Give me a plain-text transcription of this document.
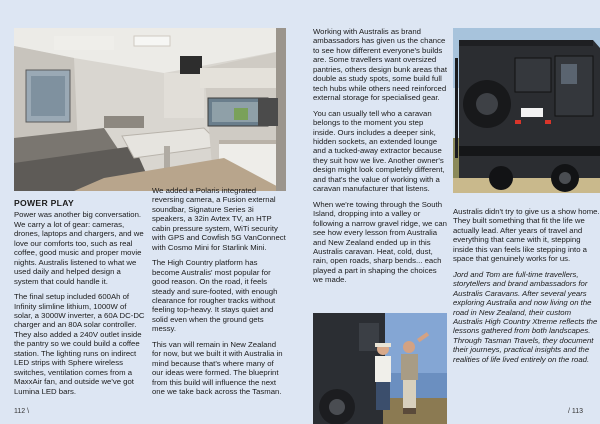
POWER PLAY

Power was another big conversation. We carry a lot of gear: cameras, drones, laptops and chargers, and we love our comforts too, such as real coffee, good music and proper movie nights. Australis listened to what we used daily and helped design a system that could handle it.

The final setup included 600Ah of Infinity slimline lithium, 1000W of solar, a 3000W inverter, a 60A DC-DC charger and an 80A solar controller. They also added a 240V outlet inside the pantry so we could build a coffee station. The lighting runs on indirect LED strips with Sphere wireless switches, ventilation comes from a MaxxAir fan, and outside we've got Lumina LED bars.

We added a Polaris integrated reversing camera, a Fusion external soundbar, Signature Series 3i speakers, a 32in Avtex TV, an HTP cabin pressure system, WiTi security with GPS and Cowfish 5G VanConnect with Cosmo Mini for Starlink Mini.

The High Country platform has become Australis' most popular for good reason. On the road, it feels steady and sure-footed, with enough clearance for rougher tracks without feeling top-heavy. It stays quiet and solid even when the ground gets messy.

This van will remain in New Zealand for now, but we built it with Australia in mind because that's where many of our ideas were formed. The blueprint from this build will influence the next one we take back across the Tasman.

112 \

Working with Australis as brand ambassadors has given us the chance to see how different everyone's builds are. Some travellers want oversized pantries, others design bunk areas that double as study spots, some build full tech hubs while others need reinforced external storage for specialised gear.

You can usually tell who a caravan belongs to the moment you step inside. Ours includes a deeper sink, hidden sockets, an extended lounge and a tucked-away extractor because they suit how we live. Another owner's design might look completely different, and that's the value of working with a caravan manufacturer that listens.

When we're towing through the South Island, dropping into a valley or following a narrow gravel ridge, we can see how every lesson from Australia and New Zealand ended up in this Australis caravan. Heat, cold, dust, rain, open roads, sharp bends... each played a part in shaping the choices we made.

Australis didn't try to give us a show home. They built something that fit the life we actually lead. After years of travel and everything that came with it, stepping inside this van feels like stepping into a space that genuinely works for us.

Jord and Tom are full-time travellers, storytellers and brand ambassadors for Australis Caravans. After several years exploring Australia and now living on the road in New Zealand, their custom Australis High Country Xtreme reflects the lessons gathered from both landscapes. Through Tasman Travels, they document their journeys, practical insights and the realities of life lived entirely on the road.

/ 113
